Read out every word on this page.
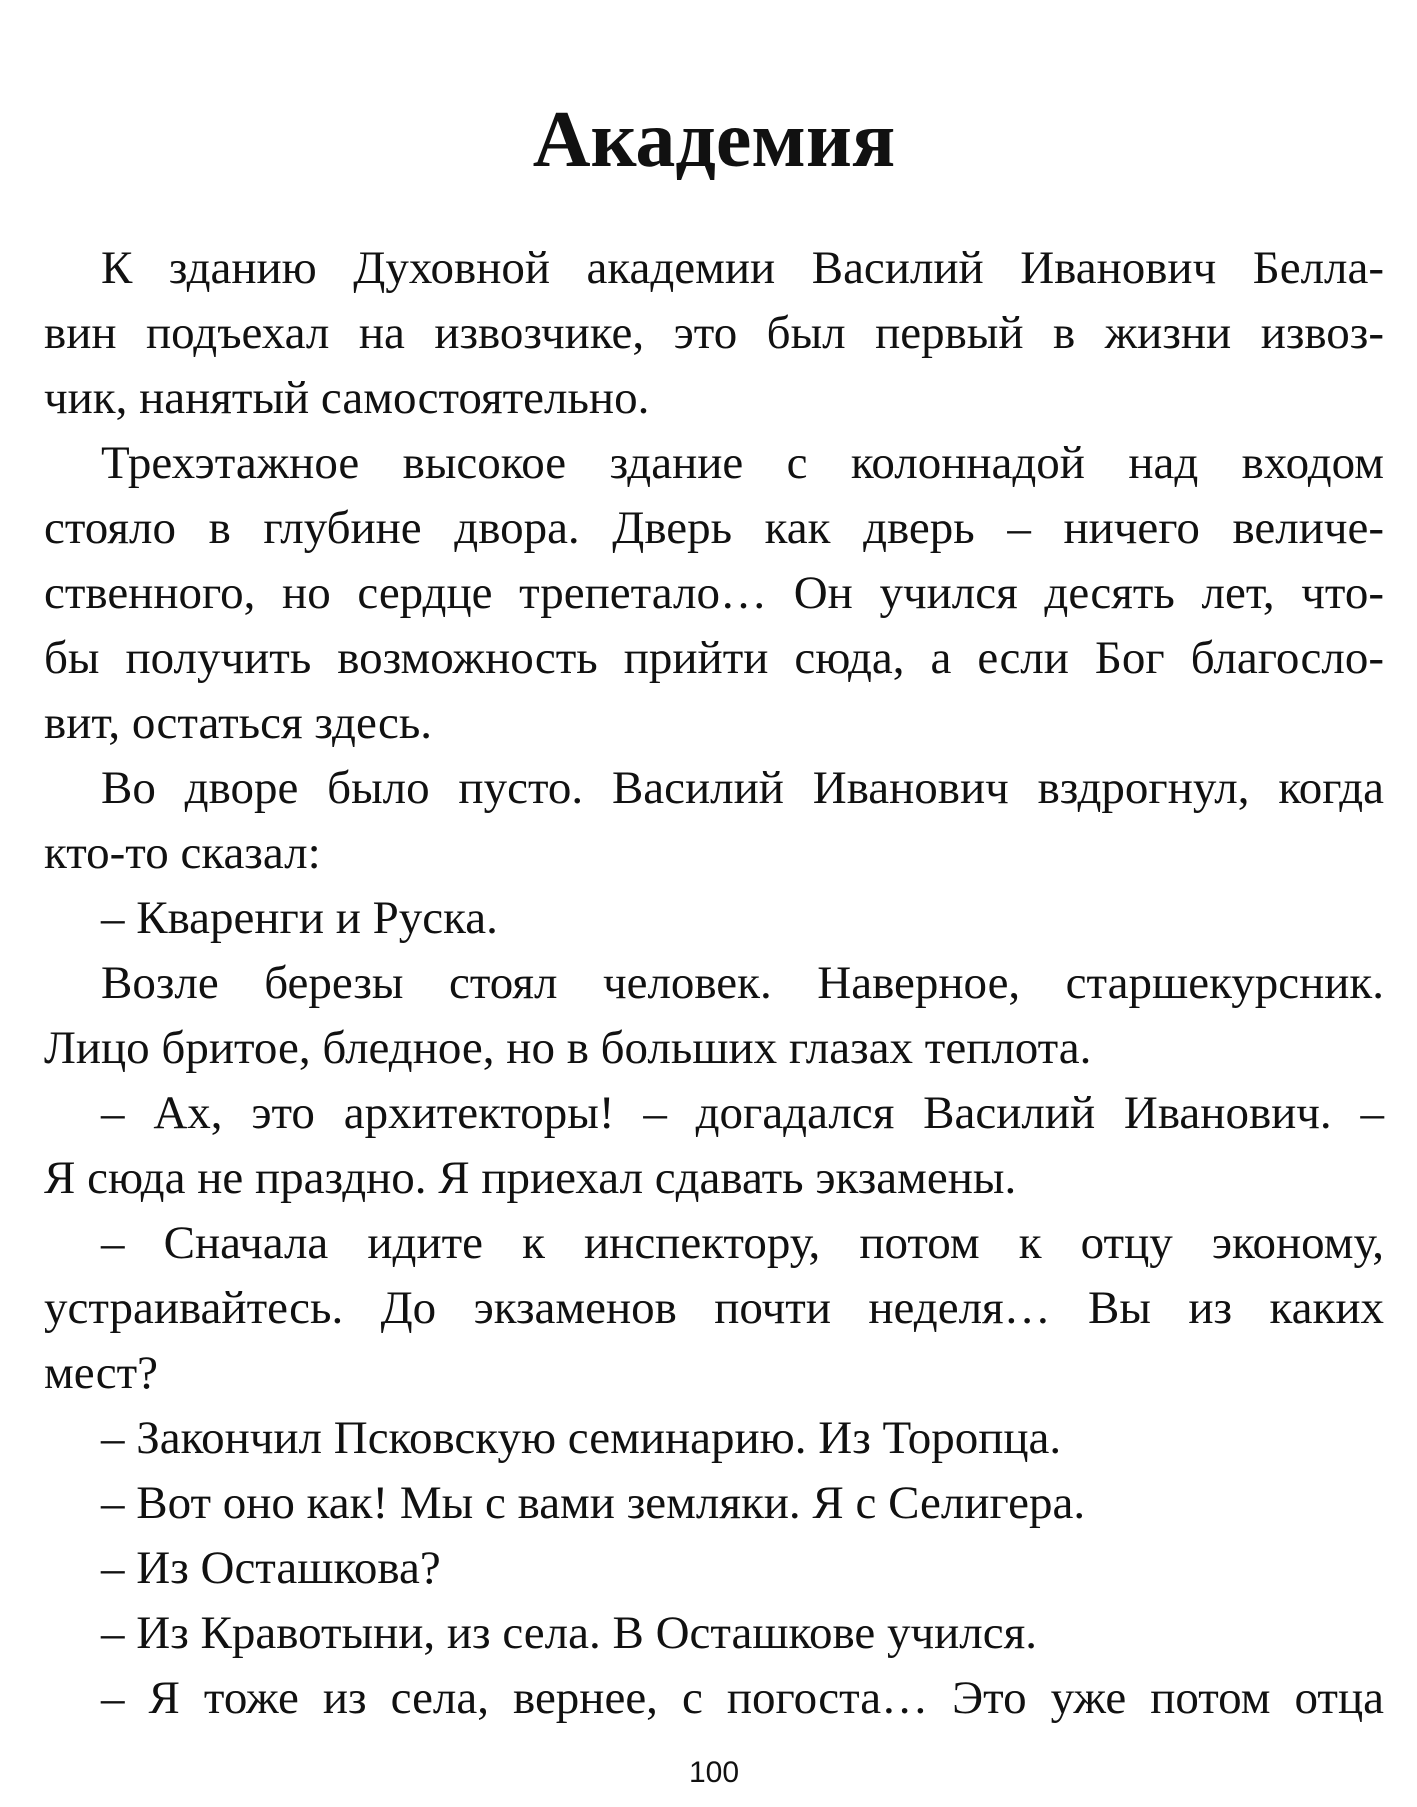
Академия
К зданию Духовной академии Василий Иванович Белла-
вин подъехал на извозчике, это был первый в жизни извоз-
чик, нанятый самостоятельно.
Трехэтажное высокое здание с колоннадой над входом
стояло в глубине двора. Дверь как дверь – ничего величе-
ственного, но сердце трепетало… Он учился десять лет, что-
бы получить возможность прийти сюда, а если Бог благосло-
вит, остаться здесь.
Во дворе было пусто. Василий Иванович вздрогнул, когда
кто-то сказал:
– Кваренги и Руска.
Возле березы стоял человек. Наверное, старшекурсник.
Лицо бритое, бледное, но в больших глазах теплота.
– Ах, это архитекторы! – догадался Василий Иванович. –
Я сюда не праздно. Я приехал сдавать экзамены.
– Сначала идите к инспектору, потом к отцу эконому,
устраивайтесь. До экзаменов почти неделя… Вы из каких
мест?
– Закончил Псковскую семинарию. Из Торопца.
– Вот оно как! Мы с вами земляки. Я с Селигера.
– Из Осташкова?
– Из Кравотыни, из села. В Осташкове учился.
– Я тоже из села, вернее, с погоста… Это уже потом отца
100
